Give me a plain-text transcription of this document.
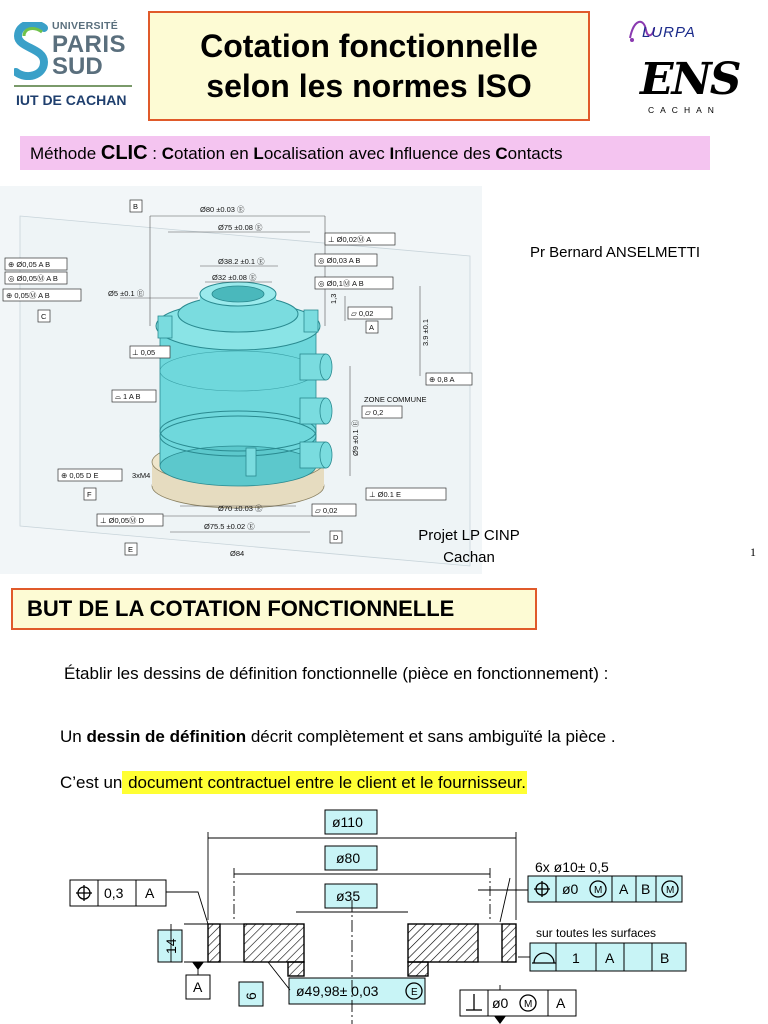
UNIVERSITÉ
PARIS
SUD
IUT DE CACHAN
Cotation fonctionnelle
selon les normes ISO
LURPA
ENS
CACHAN
Méthode CLIC : Cotation en Localisation avec Influence des Contacts
B	Ø80 ±0.03 Ⓔ
Ø75 ±0.08 Ⓔ
⊥ Ø0,02Ⓜ A
⊕ Ø0,05 A B
◎ Ø0,05Ⓜ A B
⊕ 0,05Ⓜ A B
C
Ø38.2 ±0.1 Ⓔ
Ø32 ±0.08 Ⓔ
Ø5 ±0.1 Ⓔ
◎ Ø0,03 A B
◎ Ø0,1Ⓜ A B
1,3
▱ 0,02
A	3.9 ±0.1
⊥ 0,05
⌓ 1 A B
⊕ 0,8 A
ZONE COMMUNE
▱ 0,2
Ø9 ±0.1 Ⓔ
⊕ 0,05 D E	3xM4
F	⊥ Ø0.1 E
Ø70 ±0.03 Ⓔ	▱ 0,02
⊥ Ø0,05Ⓜ D
Ø75.5 ±0.02 Ⓔ
D
E	Ø84
Pr Bernard ANSELMETTI
Projet LP CINP
Cachan	1
BUT DE LA COTATION FONCTIONNELLE
Établir les dessins de définition fonctionnelle (pièce en fonctionnement) :
Un dessin de définition décrit complètement et sans ambiguïté la pièce .
C’est un document contractuel entre le client et le fournisseur.
M	M
E
M
ø110
ø80
ø35
6x ø10± 0,5
0,3 A	ø0	A B
sur toutes les surfaces
1 A	B
14
A
6	ø49,98± 0,03
ø0	A
